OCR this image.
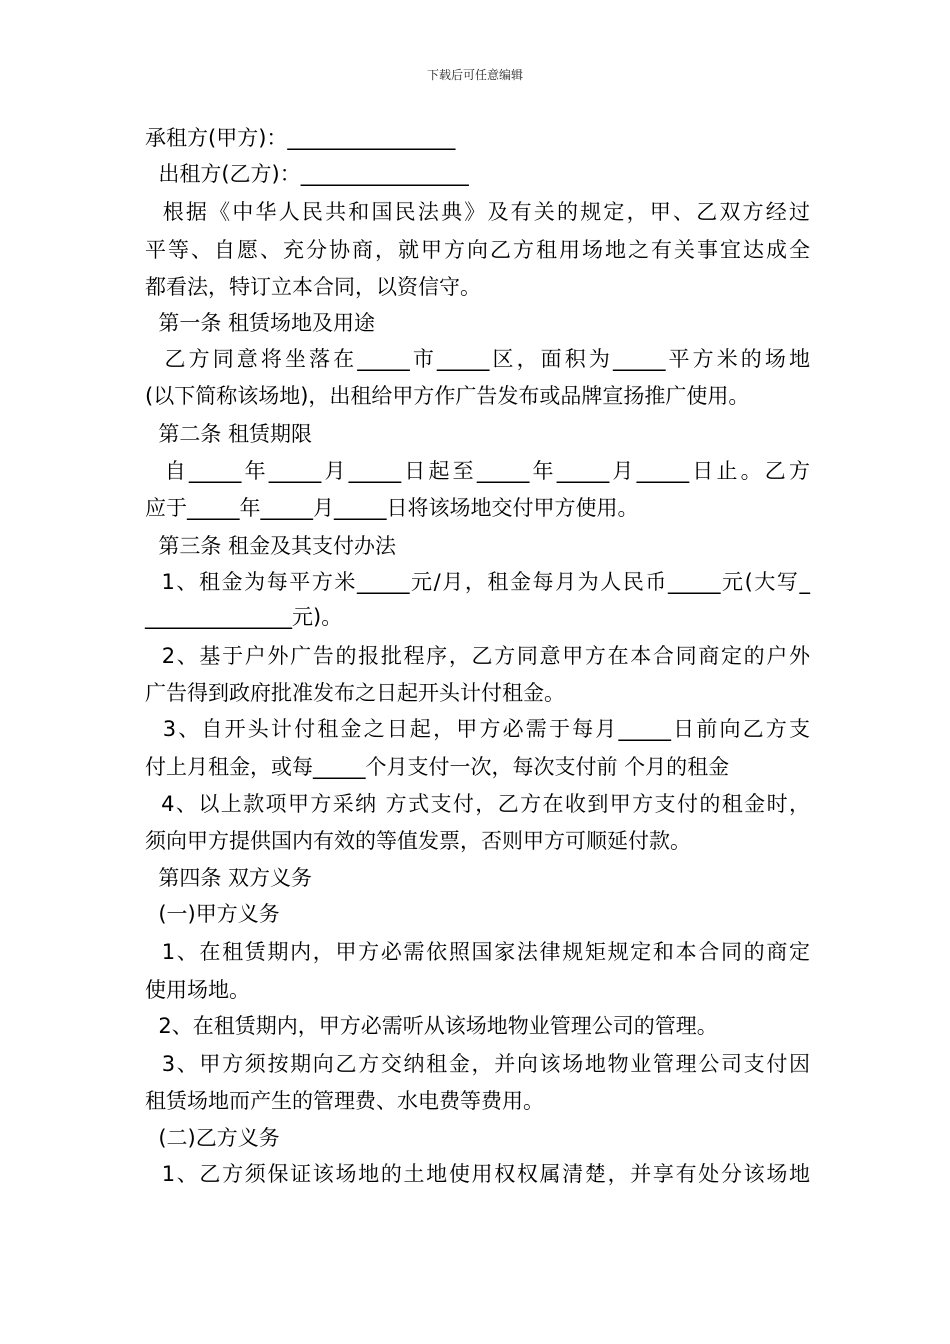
下载后可任意编辑
承租方(甲方)：________________
出租方(乙方)：________________
根据《中华人民共和国民法典》及有关的规定，甲、乙双方经过
平等、自愿、充分协商，就甲方向乙方租用场地之有关事宜达成全
都看法，特订立本合同，以资信守。
第一条 租赁场地及用途
乙方同意将坐落在_____市_____区，面积为_____平方米的场地
(以下简称该场地)，出租给甲方作广告发布或品牌宣扬推广使用。
第二条 租赁期限
自_____年_____月_____日起至_____年_____月_____日止。乙方
应于_____年_____月_____日将该场地交付甲方使用。
第三条 租金及其支付办法
1、租金为每平方米_____元/月，租金每月为人民币_____元(大写_
______________元)。
2、基于户外广告的报批程序，乙方同意甲方在本合同商定的户外
广告得到政府批准发布之日起开头计付租金。
3、自开头计付租金之日起，甲方必需于每月_____日前向乙方支
付上月租金，或每_____个月支付一次，每次支付前 个月的租金
4、以上款项甲方采纳 方式支付，乙方在收到甲方支付的租金时，
须向甲方提供国内有效的等值发票，否则甲方可顺延付款。
第四条 双方义务
(一)甲方义务
1、在租赁期内，甲方必需依照国家法律规矩规定和本合同的商定
使用场地。
2、在租赁期内，甲方必需听从该场地物业管理公司的管理。
3、甲方须按期向乙方交纳租金，并向该场地物业管理公司支付因
租赁场地而产生的管理费、水电费等费用。
(二)乙方义务
1、乙方须保证该场地的土地使用权权属清楚，并享有处分该场地
